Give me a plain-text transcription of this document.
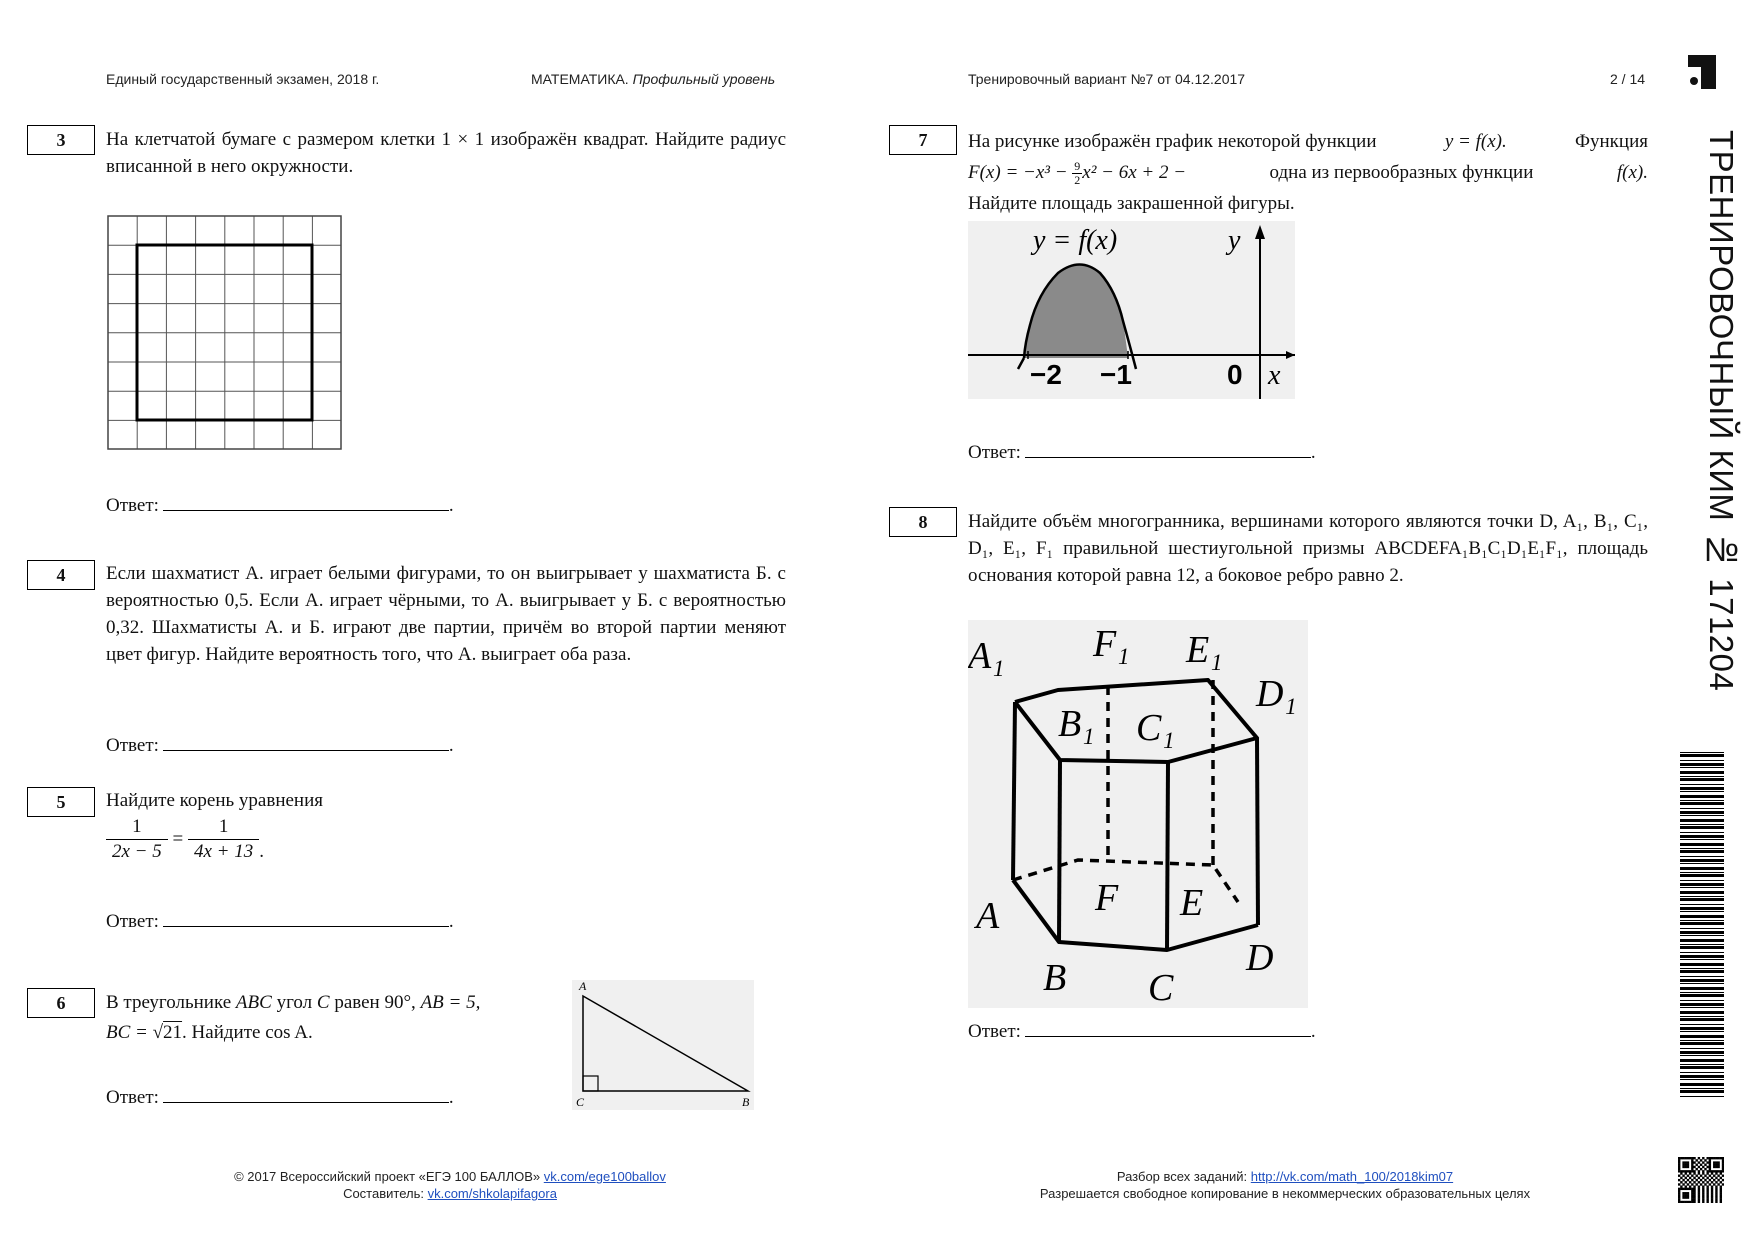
Единый государственный экзамен, 2018 г.	МАТЕМАТИКА. Профильный уровень	Тренировочный вариант №7 от 04.12.2017	2 / 14
ТРЕНИРОВОЧНЫЙ КИМ № 171204
3	На клетчатой бумаге с размером клетки 1 × 1 изображён квадрат. Найдите радиус вписанной в него окружности.
Ответ:	.
4	Если шахматист А. играет белыми фигурами, то он выигрывает у шахматиста Б. с вероятностью 0,5. Если А. играет чёрными, то А. выигрывает у Б. с вероятностью 0,32. Шахматисты А. и Б. играют две партии, причём во второй партии меняют цвет фигур. Найдите вероятность того, что А. выиграет оба раза.
Ответ:	.
5	Найдите корень уравнения
$\frac{1}{2x - 5} = \frac{1}{4x + 13}$ .
Ответ:	.
6	В треугольнике ABC угол C равен 90°, AB = 5,
BC = √21. Найдите cos A.
A
C	B
Ответ:	.
7	На рисунке изображён график некоторой функции	y = f(x).	Функция
$F(x) = -x^3 - \frac{9}{2}x^2 - 6x + 2$ −	одна из первообразных функции	f(x).
Найдите площадь закрашенной фигуры.
y = f(x)	y
x
0
−2 −1
Ответ:	.
8	Найдите объём многогранника, вершинами которого являются точки D, A₁, B₁, C₁, D₁, E₁, F₁ правильной шестиугольной призмы ABCDEFA₁B₁C₁D₁E₁F₁, площадь основания которой равна 12, а боковое ребро равно 2.
A₁ F₁ E₁
D₁
B₁ C₁
A	F E
B C
D
Ответ:	.
© 2017 Всероссийский проект «ЕГЭ 100 БАЛЛОВ» vk.com/ege100ballov
Составитель: vk.com/shkolapifagora
Разбор всех заданий: http://vk.com/math_100/2018kim07
Разрешается свободное копирование в некоммерческих образовательных целях
